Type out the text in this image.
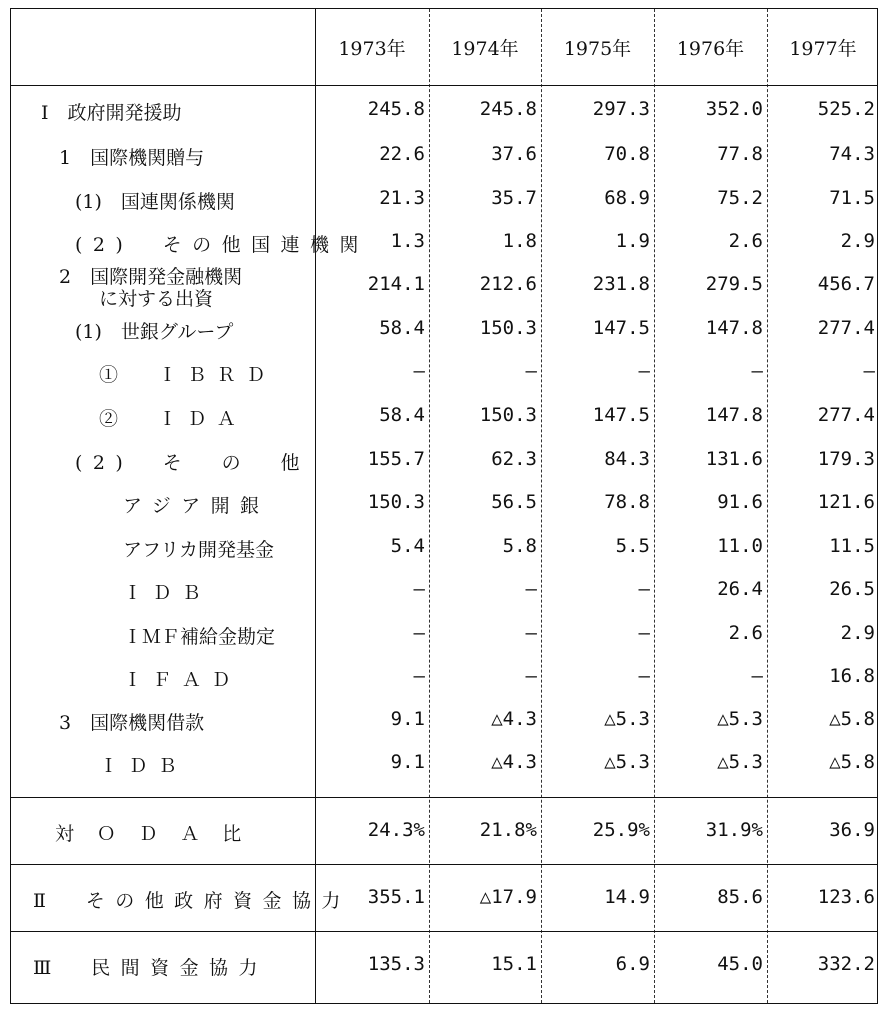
1973年	1974年	1975年	1976年	1977年
Ⅰ　政府開発援助	245.8	245.8	297.3	352.0	525.2
1　国際機関贈与	22.6	37.6	70.8	77.8	74.3
(1)　国連関係機関	21.3	35.7	68.9	75.2	71.5
(2)　その他国連機関 1.3	1.8	1.9	2.6	2.9
2　国際開発金融機関
に対する出資
214.1	212.6	231.8	279.5	456.7
(1)　世銀グループ	58.4	150.3	147.5	147.8	277.4
①　ＩＢＲＤ	—	—	—	—	—
②　ＩＤＡ	58.4	150.3	147.5	147.8	277.4
(2)　そ　の　他	155.7	62.3	84.3	131.6	179.3
アジア開銀	150.3	56.5	78.8	91.6	121.6
アフリカ開発基金	5.4	5.8	5.5	11.0	11.5
ＩＤＢ	—	—	—	26.4	26.5
ＩＭＦ補給金勘定	—	—	—	2.6	2.9
ＩＦＡＤ	—	—	—	—	16.8
3　国際機関借款	9.1	△4.3	△5.3	△5.3	△5.8
ＩＤＢ	9.1	△4.3	△5.3	△5.3	△5.8
対ＯＤＡ比	24.3%	21.8%	25.9%	31.9%	36.9
Ⅱ　その他政府資金協力 355.1	△17.9	14.9	85.6	123.6
Ⅲ　民間資金協力	135.3	15.1	6.9	45.0	332.2
